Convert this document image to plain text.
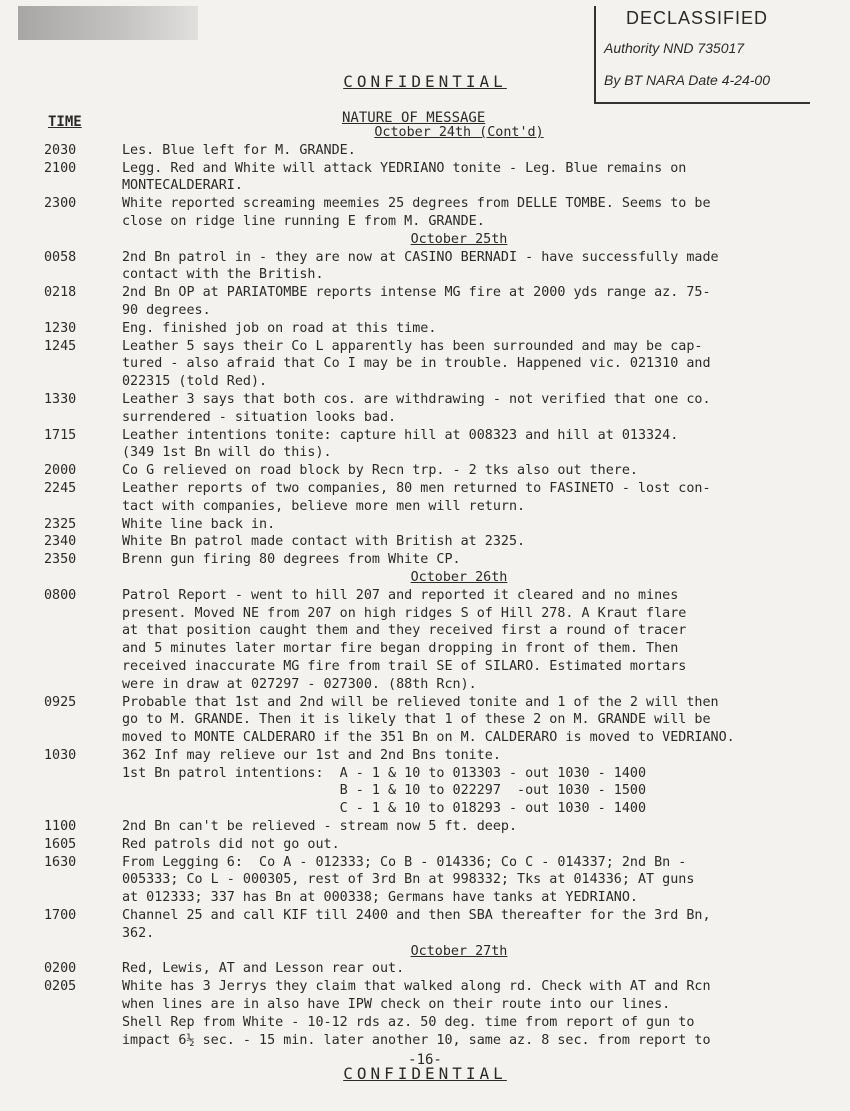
DECLASSIFIED
Authority NND 735017
By BT NARA Date 4-24-00
CONFIDENTIAL
TIME	NATURE OF MESSAGE
October 24th (Cont'd)
2030	Les. Blue left for M. GRANDE.
2100	Legg. Red and White will attack YEDRIANO tonite - Leg. Blue remains on
MONTECALDERARI.
2300	White reported screaming meemies 25 degrees from DELLE TOMBE. Seems to be
close on ridge line running E from M. GRANDE.
October 25th
0058	2nd Bn patrol in - they are now at CASINO BERNADI - have successfully made
contact with the British.
0218	2nd Bn OP at PARIATOMBE reports intense MG fire at 2000 yds range az. 75-
90 degrees.
1230	Eng. finished job on road at this time.
1245	Leather 5 says their Co L apparently has been surrounded and may be cap-
tured - also afraid that Co I may be in trouble. Happened vic. 021310 and
022315 (told Red).
1330	Leather 3 says that both cos. are withdrawing - not verified that one co.
surrendered - situation looks bad.
1715	Leather intentions tonite: capture hill at 008323 and hill at 013324.
(349 1st Bn will do this).
2000	Co G relieved on road block by Recn trp. - 2 tks also out there.
2245	Leather reports of two companies, 80 men returned to FASINETO - lost con-
tact with companies, believe more men will return.
2325	White line back in.
2340	White Bn patrol made contact with British at 2325.
2350	Brenn gun firing 80 degrees from White CP.
October 26th
0800	Patrol Report - went to hill 207 and reported it cleared and no mines
present. Moved NE from 207 on high ridges S of Hill 278. A Kraut flare
at that position caught them and they received first a round of tracer
and 5 minutes later mortar fire began dropping in front of them. Then
received inaccurate MG fire from trail SE of SILARO. Estimated mortars
were in draw at 027297 - 027300. (88th Rcn).
0925	Probable that 1st and 2nd will be relieved tonite and 1 of the 2 will then
go to M. GRANDE. Then it is likely that 1 of these 2 on M. GRANDE will be
moved to MONTE CALDERARO if the 351 Bn on M. CALDERARO is moved to VEDRIANO.
1030	362 Inf may relieve our 1st and 2nd Bns tonite.
1st Bn patrol intentions:  A - 1 & 10 to 013303 - out 1030 - 1400
B - 1 & 10 to 022297  -out 1030 - 1500
C - 1 & 10 to 018293 - out 1030 - 1400
1100	2nd Bn can't be relieved - stream now 5 ft. deep.
1605	Red patrols did not go out.
1630	From Legging 6:  Co A - 012333; Co B - 014336; Co C - 014337; 2nd Bn -
005333; Co L - 000305, rest of 3rd Bn at 998332; Tks at 014336; AT guns
at 012333; 337 has Bn at 000338; Germans have tanks at YEDRIANO.
1700	Channel 25 and call KIF till 2400 and then SBA thereafter for the 3rd Bn,
362.
October 27th
0200	Red, Lewis, AT and Lesson rear out.
0205	White has 3 Jerrys they claim that walked along rd. Check with AT and Rcn
when lines are in also have IPW check on their route into our lines.
Shell Rep from White - 10-12 rds az. 50 deg. time from report of gun to
impact 6½ sec. - 15 min. later another 10, same az. 8 sec. from report to
-16-
CONFIDENTIAL
